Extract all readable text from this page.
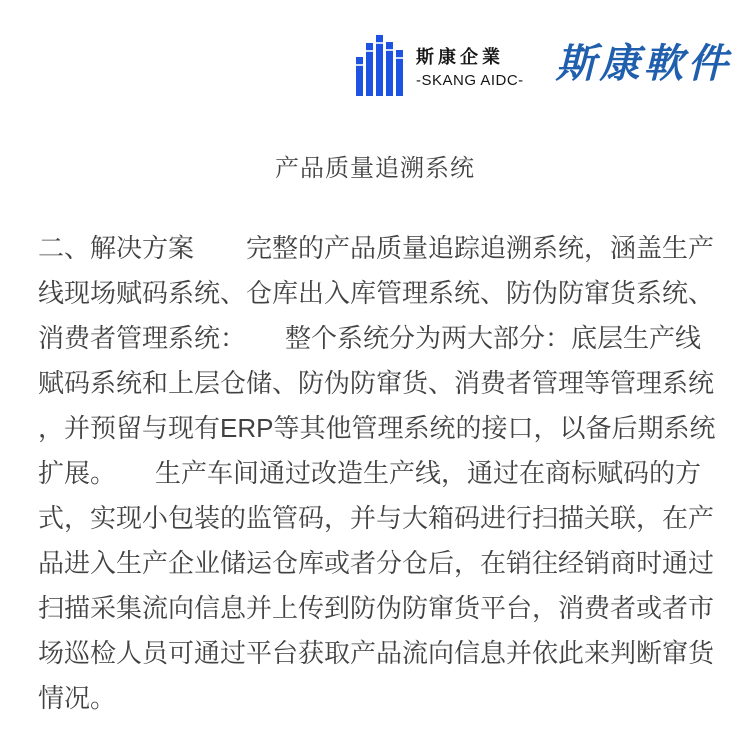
斯康企業
-SKANG AIDC- 斯康軟件
产品质量追溯系统
二、解决方案　　完整的产品质量追踪追溯系统，涵盖生产
线现场赋码系统、仓库出入库管理系统、防伪防窜货系统、
消费者管理系统：　　整个系统分为两大部分：底层生产线
赋码系统和上层仓储、防伪防窜货、消费者管理等管理系统
，并预留与现有ERP等其他管理系统的接口，以备后期系统
扩展。　　生产车间通过改造生产线，通过在商标赋码的方
式，实现小包装的监管码，并与大箱码进行扫描关联，在产
品进入生产企业储运仓库或者分仓后，在销往经销商时通过
扫描采集流向信息并上传到防伪防窜货平台，消费者或者市
场巡检人员可通过平台获取产品流向信息并依此来判断窜货
情况。
